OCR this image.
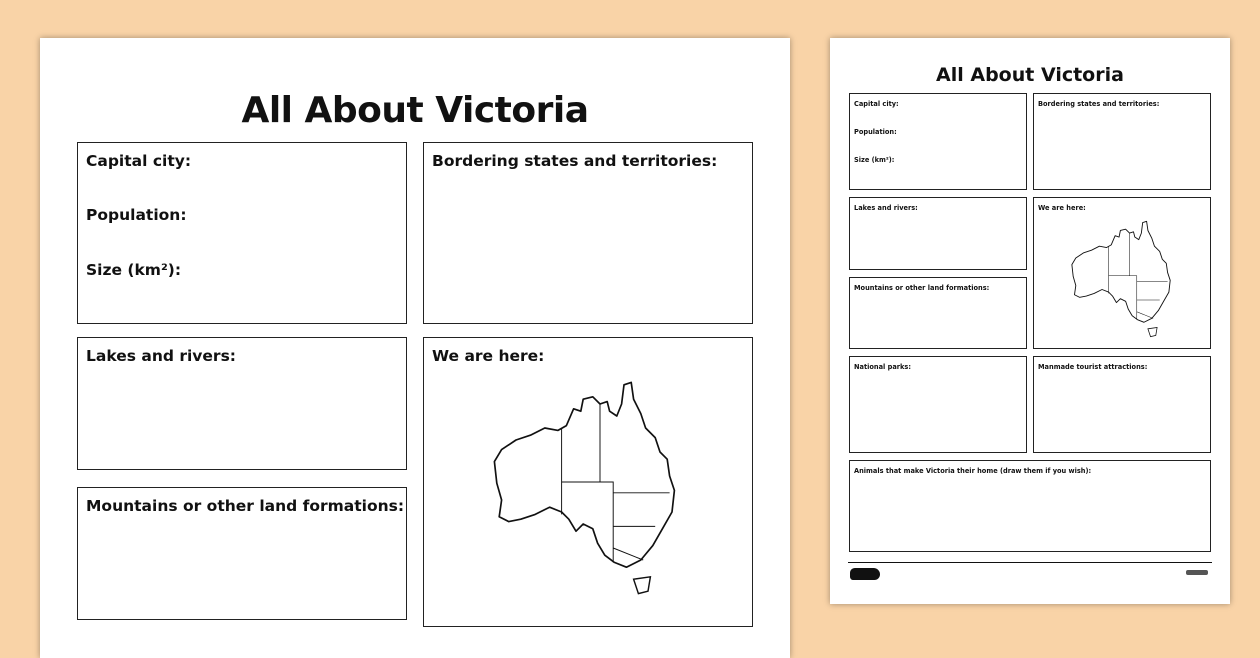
All About Victoria
Capital city:
Population:
Size (km²):
Bordering states and territories:
Lakes and rivers:	We are here:
Mountains or other land formations:
All About Victoria
Capital city:
Population:
Size (km²):
Bordering states and territories:
Lakes and rivers:	We are here:
Mountains or other land formations:
National parks:	Manmade tourist attractions:
Animals that make Victoria their home (draw them if you wish):
